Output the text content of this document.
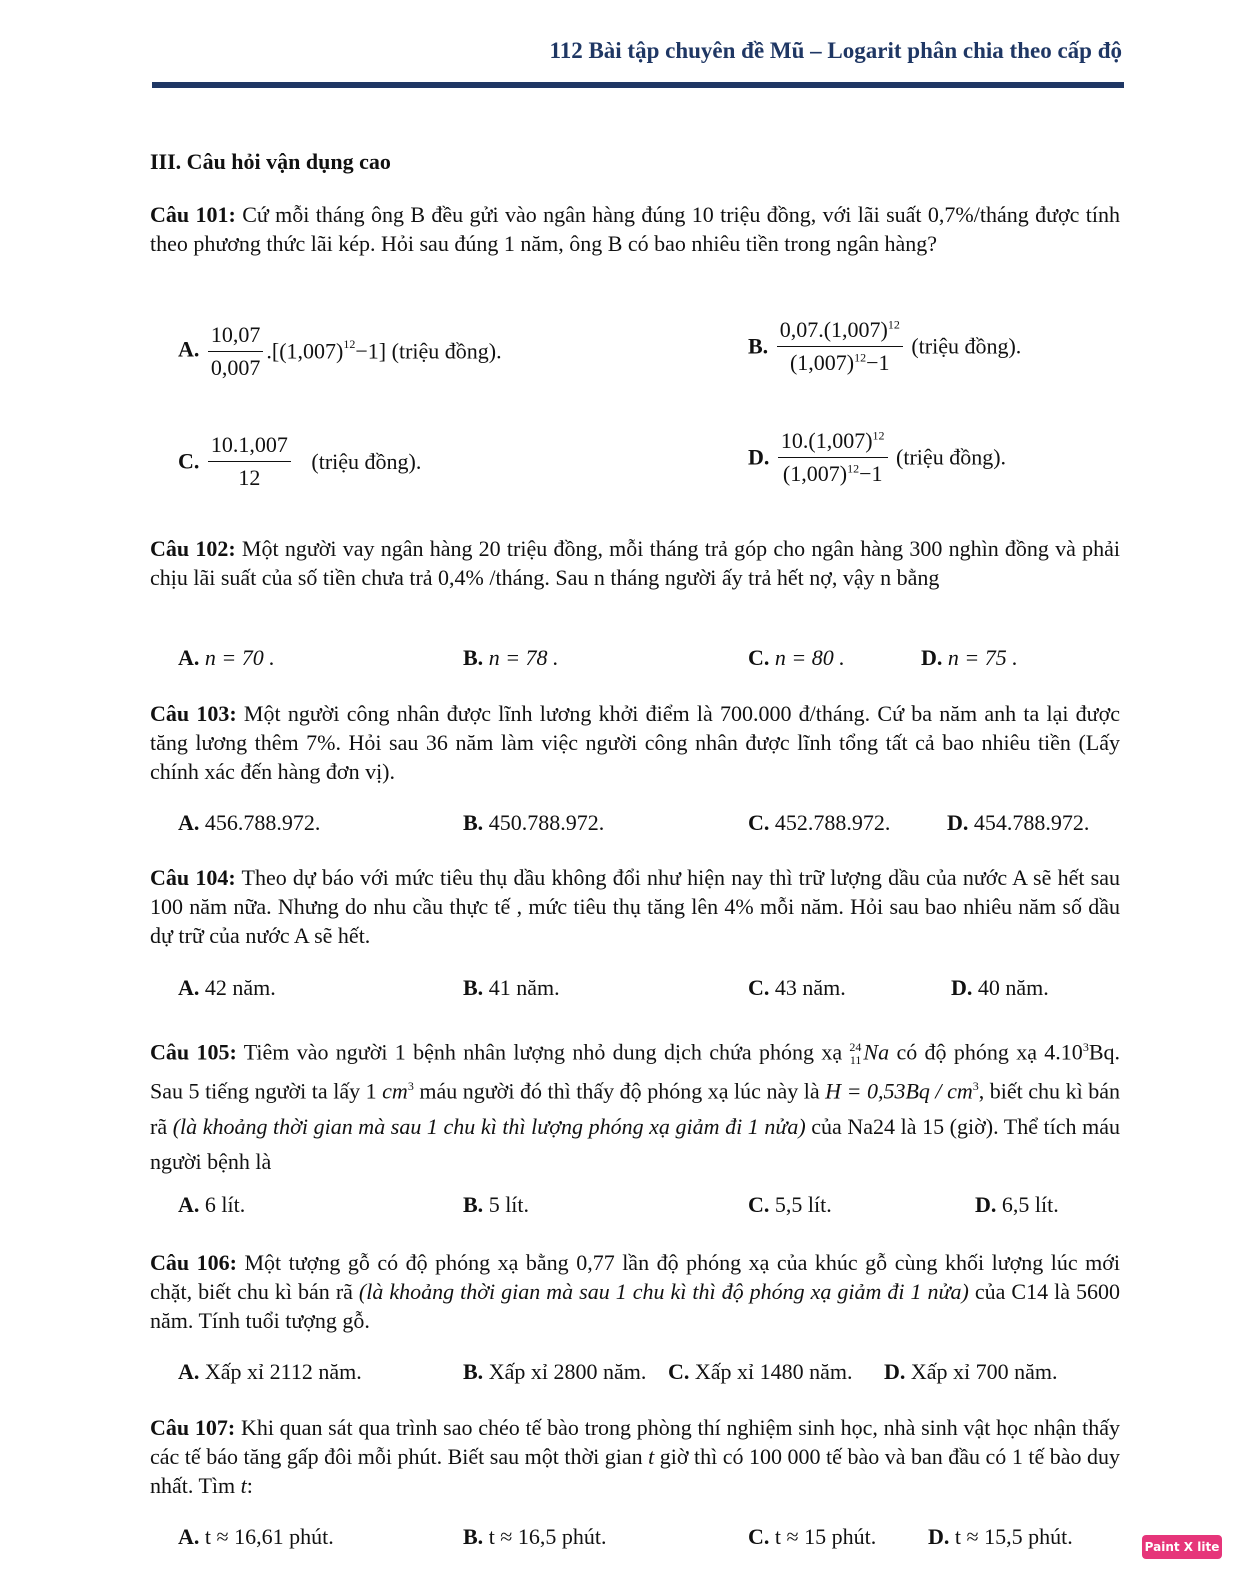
112 Bài tập chuyên đề Mũ – Logarit phân chia theo cấp độ
III. Câu hỏi vận dụng cao
Câu 101: Cứ mỗi tháng ông B đều gửi vào ngân hàng đúng 10 triệu đồng, với lãi suất 0,7%/tháng được tính theo phương thức lãi kép. Hỏi sau đúng 1 năm, ông B có bao nhiêu tiền trong ngân hàng?
A. $\frac{10,07}{0,007} .[(1,007)^{12}-1]$ (triệu đồng).	B. $\frac{0,07.(1,007)^{12}}{(1,007)^{12}-1}$ (triệu đồng).
C. $\frac{10.1,007}{12}$ (triệu đồng).	D. $\frac{10.(1,007)^{12}}{(1,007)^{12}-1}$ (triệu đồng).
Câu 102: Một người vay ngân hàng 20 triệu đồng, mỗi tháng trả góp cho ngân hàng 300 nghìn đồng và phải chịu lãi suất của số tiền chưa trả 0,4% /tháng. Sau n tháng người ấy trả hết nợ, vậy n bằng
A. n = 70 .	B. n = 78 .	C. n = 80 .	D. n = 75 .
Câu 103: Một người công nhân được lĩnh lương khởi điểm là 700.000 đ/tháng. Cứ ba năm anh ta lại được tăng lương thêm 7%. Hỏi sau 36 năm làm việc người công nhân được lĩnh tổng tất cả bao nhiêu tiền (Lấy chính xác đến hàng đơn vị).
A. 456.788.972.	B. 450.788.972.	C. 452.788.972.	D. 454.788.972.
Câu 104: Theo dự báo với mức tiêu thụ dầu không đổi như hiện nay thì trữ lượng dầu của nước A sẽ hết sau 100 năm nữa. Nhưng do nhu cầu thực tế , mức tiêu thụ tăng lên 4% mỗi năm. Hỏi sau bao nhiêu năm số dầu dự trữ của nước A sẽ hết.
A. 42 năm.	B. 41 năm.	C. 43 năm.	D. 40 năm.
Câu 105: Tiêm vào người 1 bệnh nhân lượng nhỏ dung dịch chứa phóng xạ 24
11 Na có độ phóng xạ 4.10$^3$Bq. Sau 5 tiếng người ta lấy 1 $cm^3$ máu người đó thì thấy độ phóng xạ lúc này là $H = 0,53Bq / cm^3$, biết chu kì bán rã (là khoảng thời gian mà sau 1 chu kì thì lượng phóng xạ giảm đi 1 nửa) của Na24 là 15 (giờ). Thể tích máu người bệnh là
A. 6 lít.	B. 5 lít.	C. 5,5 lít.	D. 6,5 lít.
Câu 106: Một tượng gỗ có độ phóng xạ bằng 0,77 lần độ phóng xạ của khúc gỗ cùng khối lượng lúc mới chặt, biết chu kì bán rã (là khoảng thời gian mà sau 1 chu kì thì độ phóng xạ giảm đi 1 nửa) của C14 là 5600 năm. Tính tuổi tượng gỗ.
A. Xấp xỉ 2112 năm.	B. Xấp xỉ 2800 năm. C. Xấp xỉ 1480 năm. D. Xấp xỉ 700 năm.
Câu 107: Khi quan sát qua trình sao chéo tế bào trong phòng thí nghiệm sinh học, nhà sinh vật học nhận thấy các tế báo tăng gấp đôi mỗi phút. Biết sau một thời gian t giờ thì có 100 000 tế bào và ban đầu có 1 tế bào duy nhất. Tìm t:
A. t ≈ 16,61 phút.	B. t ≈ 16,5 phút.	C. t ≈ 15 phút. D. t ≈ 15,5 phút.	Paint X lite
